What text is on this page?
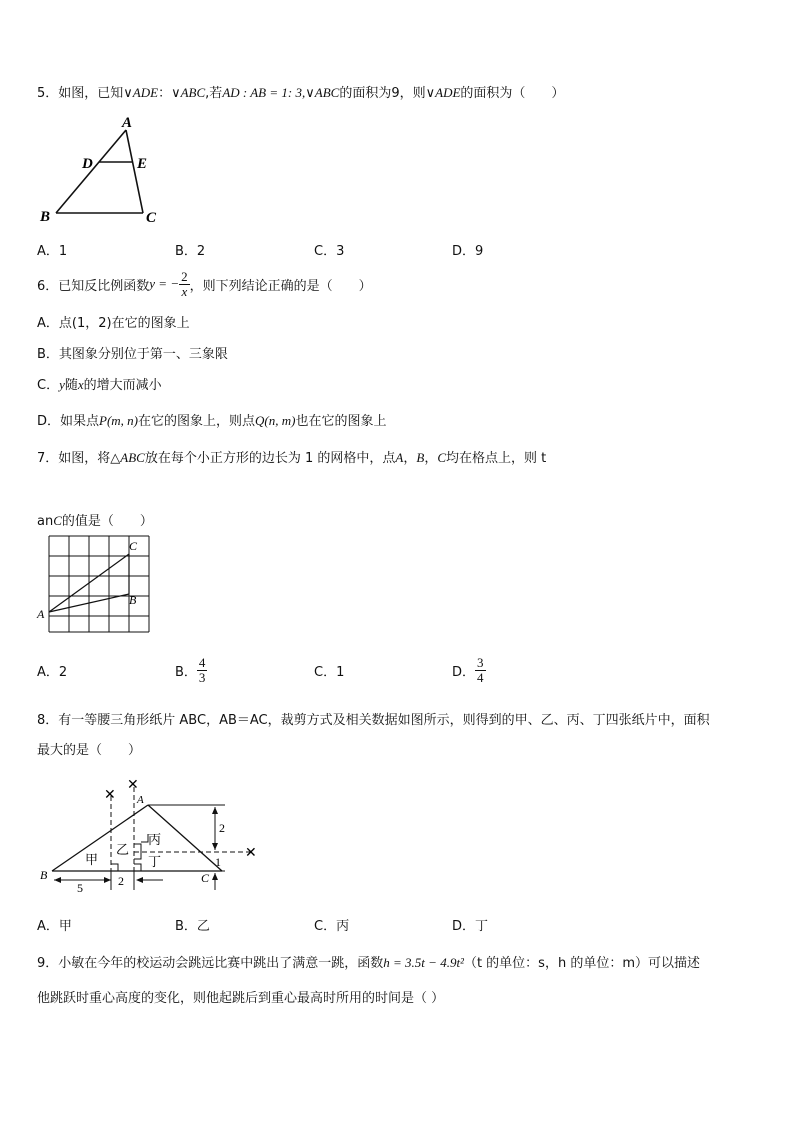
5．如图，已知∨ADE：∨ABC,若AD : AB = 1: 3,∨ABC的面积为9，则∨ADE的面积为（　　）
A
D	E
B	C
A．1	B．2	C．3	D．9
6．已知反比例函数 y = − $\frac{2}{x}$ ，则下列结论正确的是（　　）
A．点(1，2)在它的图象上
B．其图象分别位于第一、三象限
C．y随x的增大而减小
D．如果点P(m, n)在它的图象上，则点Q(n, m)也在它的图象上
7．如图，将△ABC放在每个小正方形的边长为 1 的网格中，点A，B，C均在格点上，则 t
anC的值是（　　）
C
B
A
A．2	B． $\frac{4}{3}$	C．1	D． $\frac{3}{4}$
8．有一等腰三角形纸片 ABC，AB＝AC，裁剪方式及相关数据如图所示，则得到的甲、乙、丙、丁四张纸片中，面积
最大的是（　　）
✕
✕
✕
甲
乙
丙
丁
A
B	C
2
1
5	2
A．甲	B．乙	C．丙	D．丁
9．小敏在今年的校运动会跳远比赛中跳出了满意一跳，函数h = 3.5t − 4.9t²（t 的单位：s，h 的单位：m）可以描述
他跳跃时重心高度的变化，则他起跳后到重心最高时所用的时间是（ ）
